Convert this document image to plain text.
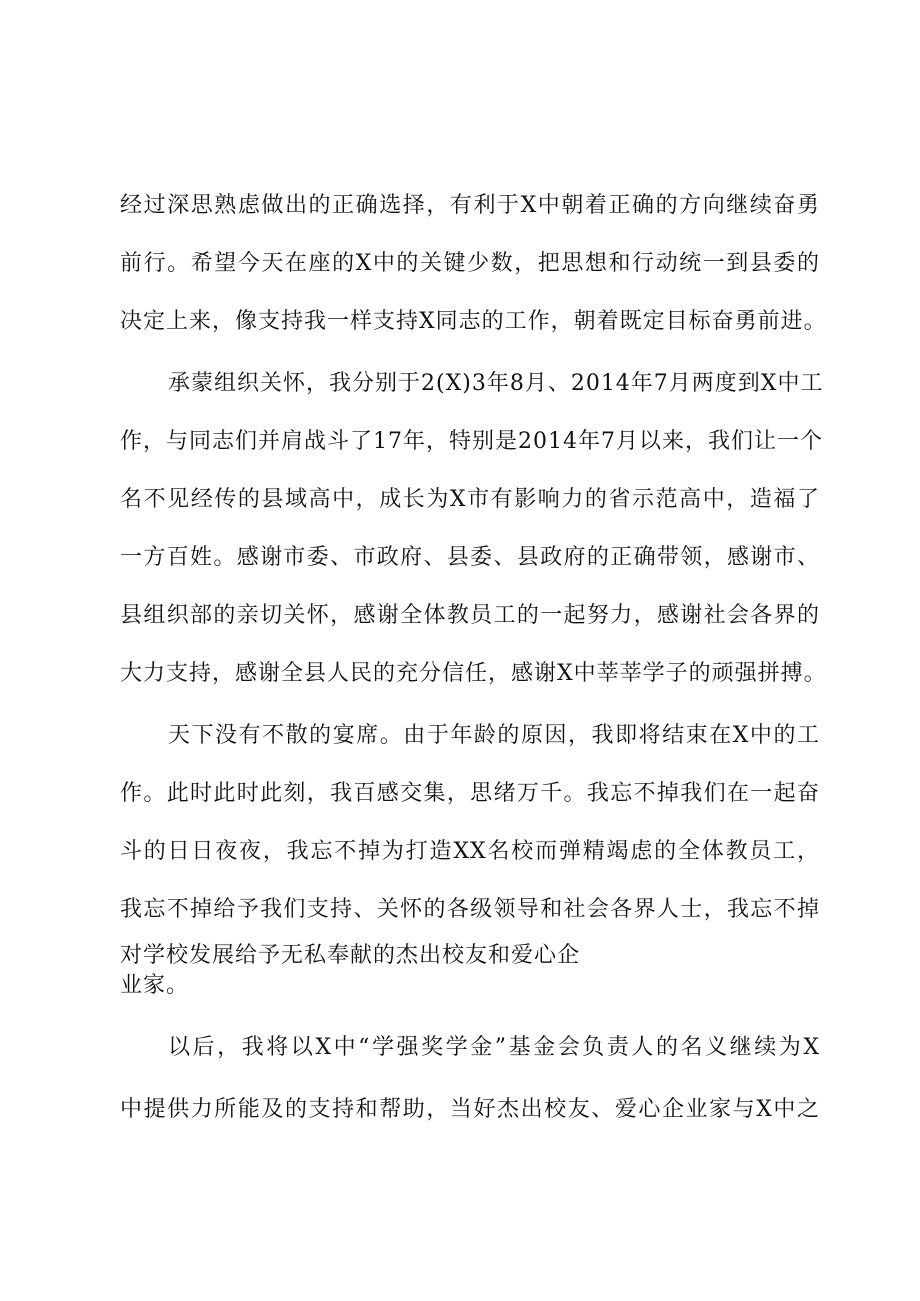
经过深思熟虑做出的正确选择，有利于X中朝着正确的方向继续奋勇
前行。希望今天在座的X中的关键少数，把思想和行动统一到县委的
决定上来，像支持我一样支持X同志的工作，朝着既定目标奋勇前进。
承蒙组织关怀，我分别于2(X)3年8月、2014年7月两度到X中工
作，与同志们并肩战斗了17年，特别是2014年7月以来，我们让一个
名不见经传的县域高中，成长为X市有影响力的省示范高中，造福了
一方百姓。感谢市委、市政府、县委、县政府的正确带领，感谢市、
县组织部的亲切关怀，感谢全体教员工的一起努力，感谢社会各界的
大力支持，感谢全县人民的充分信任，感谢X中莘莘学子的顽强拼搏。
天下没有不散的宴席。由于年龄的原因，我即将结束在X中的工
作。此时此时此刻，我百感交集，思绪万千。我忘不掉我们在一起奋
斗的日日夜夜，我忘不掉为打造XX名校而弹精竭虑的全体教员工，
我忘不掉给予我们支持、关怀的各级领导和社会各界人士，我忘不掉
对学校发展给予无私奉献的杰出校友和爱心企
业家。
以后，我将以X中“学强奖学金”基金会负责人的名义继续为X
中提供力所能及的支持和帮助，当好杰出校友、爱心企业家与X中之
